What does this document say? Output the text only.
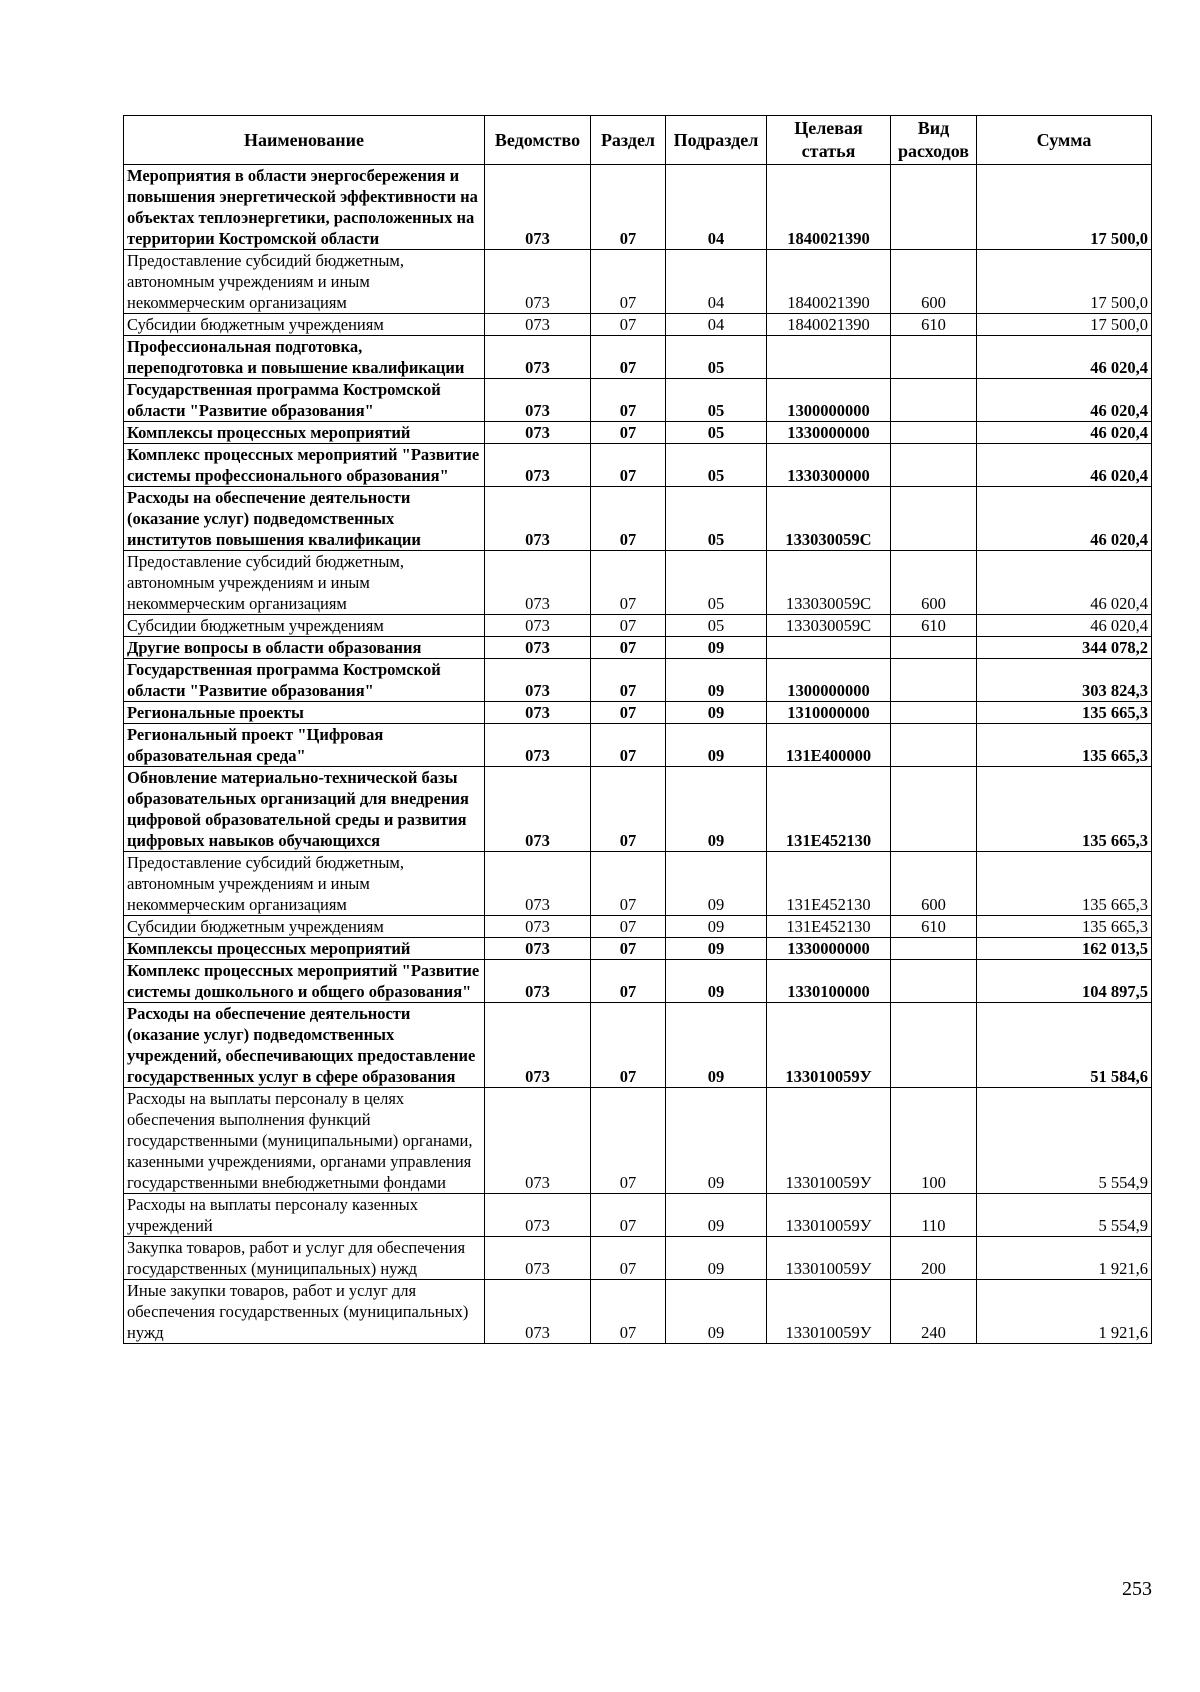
Наименование	Ведомство	Раздел	Подраздел	Целевая статья	Вид расходов	Сумма
Мероприятия в области энергосбережения и повышения энергетической эффективности на объектах теплоэнергетики, расположенных на территории Костромской области	073	07	04	1840021390		17 500,0
Предоставление субсидий бюджетным, автономным учреждениям и иным некоммерческим организациям	073	07	04	1840021390	600	17 500,0
Субсидии бюджетным учреждениям	073	07	04	1840021390	610	17 500,0
Профессиональная подготовка, переподготовка и повышение квалификации	073	07	05			46 020,4
Государственная программа Костромской области "Развитие образования"	073	07	05	1300000000		46 020,4
Комплексы процессных мероприятий	073	07	05	1330000000		46 020,4
Комплекс процессных мероприятий "Развитие системы профессионального образования"	073	07	05	1330300000		46 020,4
Расходы на обеспечение деятельности (оказание услуг) подведомственных институтов повышения квалификации	073	07	05	133030059С		46 020,4
Предоставление субсидий бюджетным, автономным учреждениям и иным некоммерческим организациям	073	07	05	133030059С	600	46 020,4
Субсидии бюджетным учреждениям	073	07	05	133030059С	610	46 020,4
Другие вопросы в области образования	073	07	09			344 078,2
Государственная программа Костромской области "Развитие образования"	073	07	09	1300000000		303 824,3
Региональные проекты	073	07	09	1310000000		135 665,3
Региональный проект "Цифровая образовательная среда"	073	07	09	131Е400000		135 665,3
Обновление материально-технической базы образовательных организаций для внедрения цифровой образовательной среды и развития цифровых навыков обучающихся	073	07	09	131Е452130		135 665,3
Предоставление субсидий бюджетным, автономным учреждениям и иным некоммерческим организациям	073	07	09	131Е452130	600	135 665,3
Субсидии бюджетным учреждениям	073	07	09	131Е452130	610	135 665,3
Комплексы процессных мероприятий	073	07	09	1330000000		162 013,5
Комплекс процессных мероприятий "Развитие системы дошкольного и общего образования"	073	07	09	1330100000		104 897,5
Расходы на обеспечение деятельности (оказание услуг) подведомственных учреждений, обеспечивающих предоставление государственных услуг в сфере образования	073	07	09	133010059У		51 584,6
Расходы на выплаты персоналу в целях обеспечения выполнения функций государственными (муниципальными) органами, казенными учреждениями, органами управления государственными внебюджетными фондами	073	07	09	133010059У	100	5 554,9
Расходы на выплаты персоналу казенных учреждений	073	07	09	133010059У	110	5 554,9
Закупка товаров, работ и услуг для обеспечения государственных (муниципальных) нужд	073	07	09	133010059У	200	1 921,6
Иные закупки товаров, работ и услуг для обеспечения государственных (муниципальных) нужд	073	07	09	133010059У	240	1 921,6
253
